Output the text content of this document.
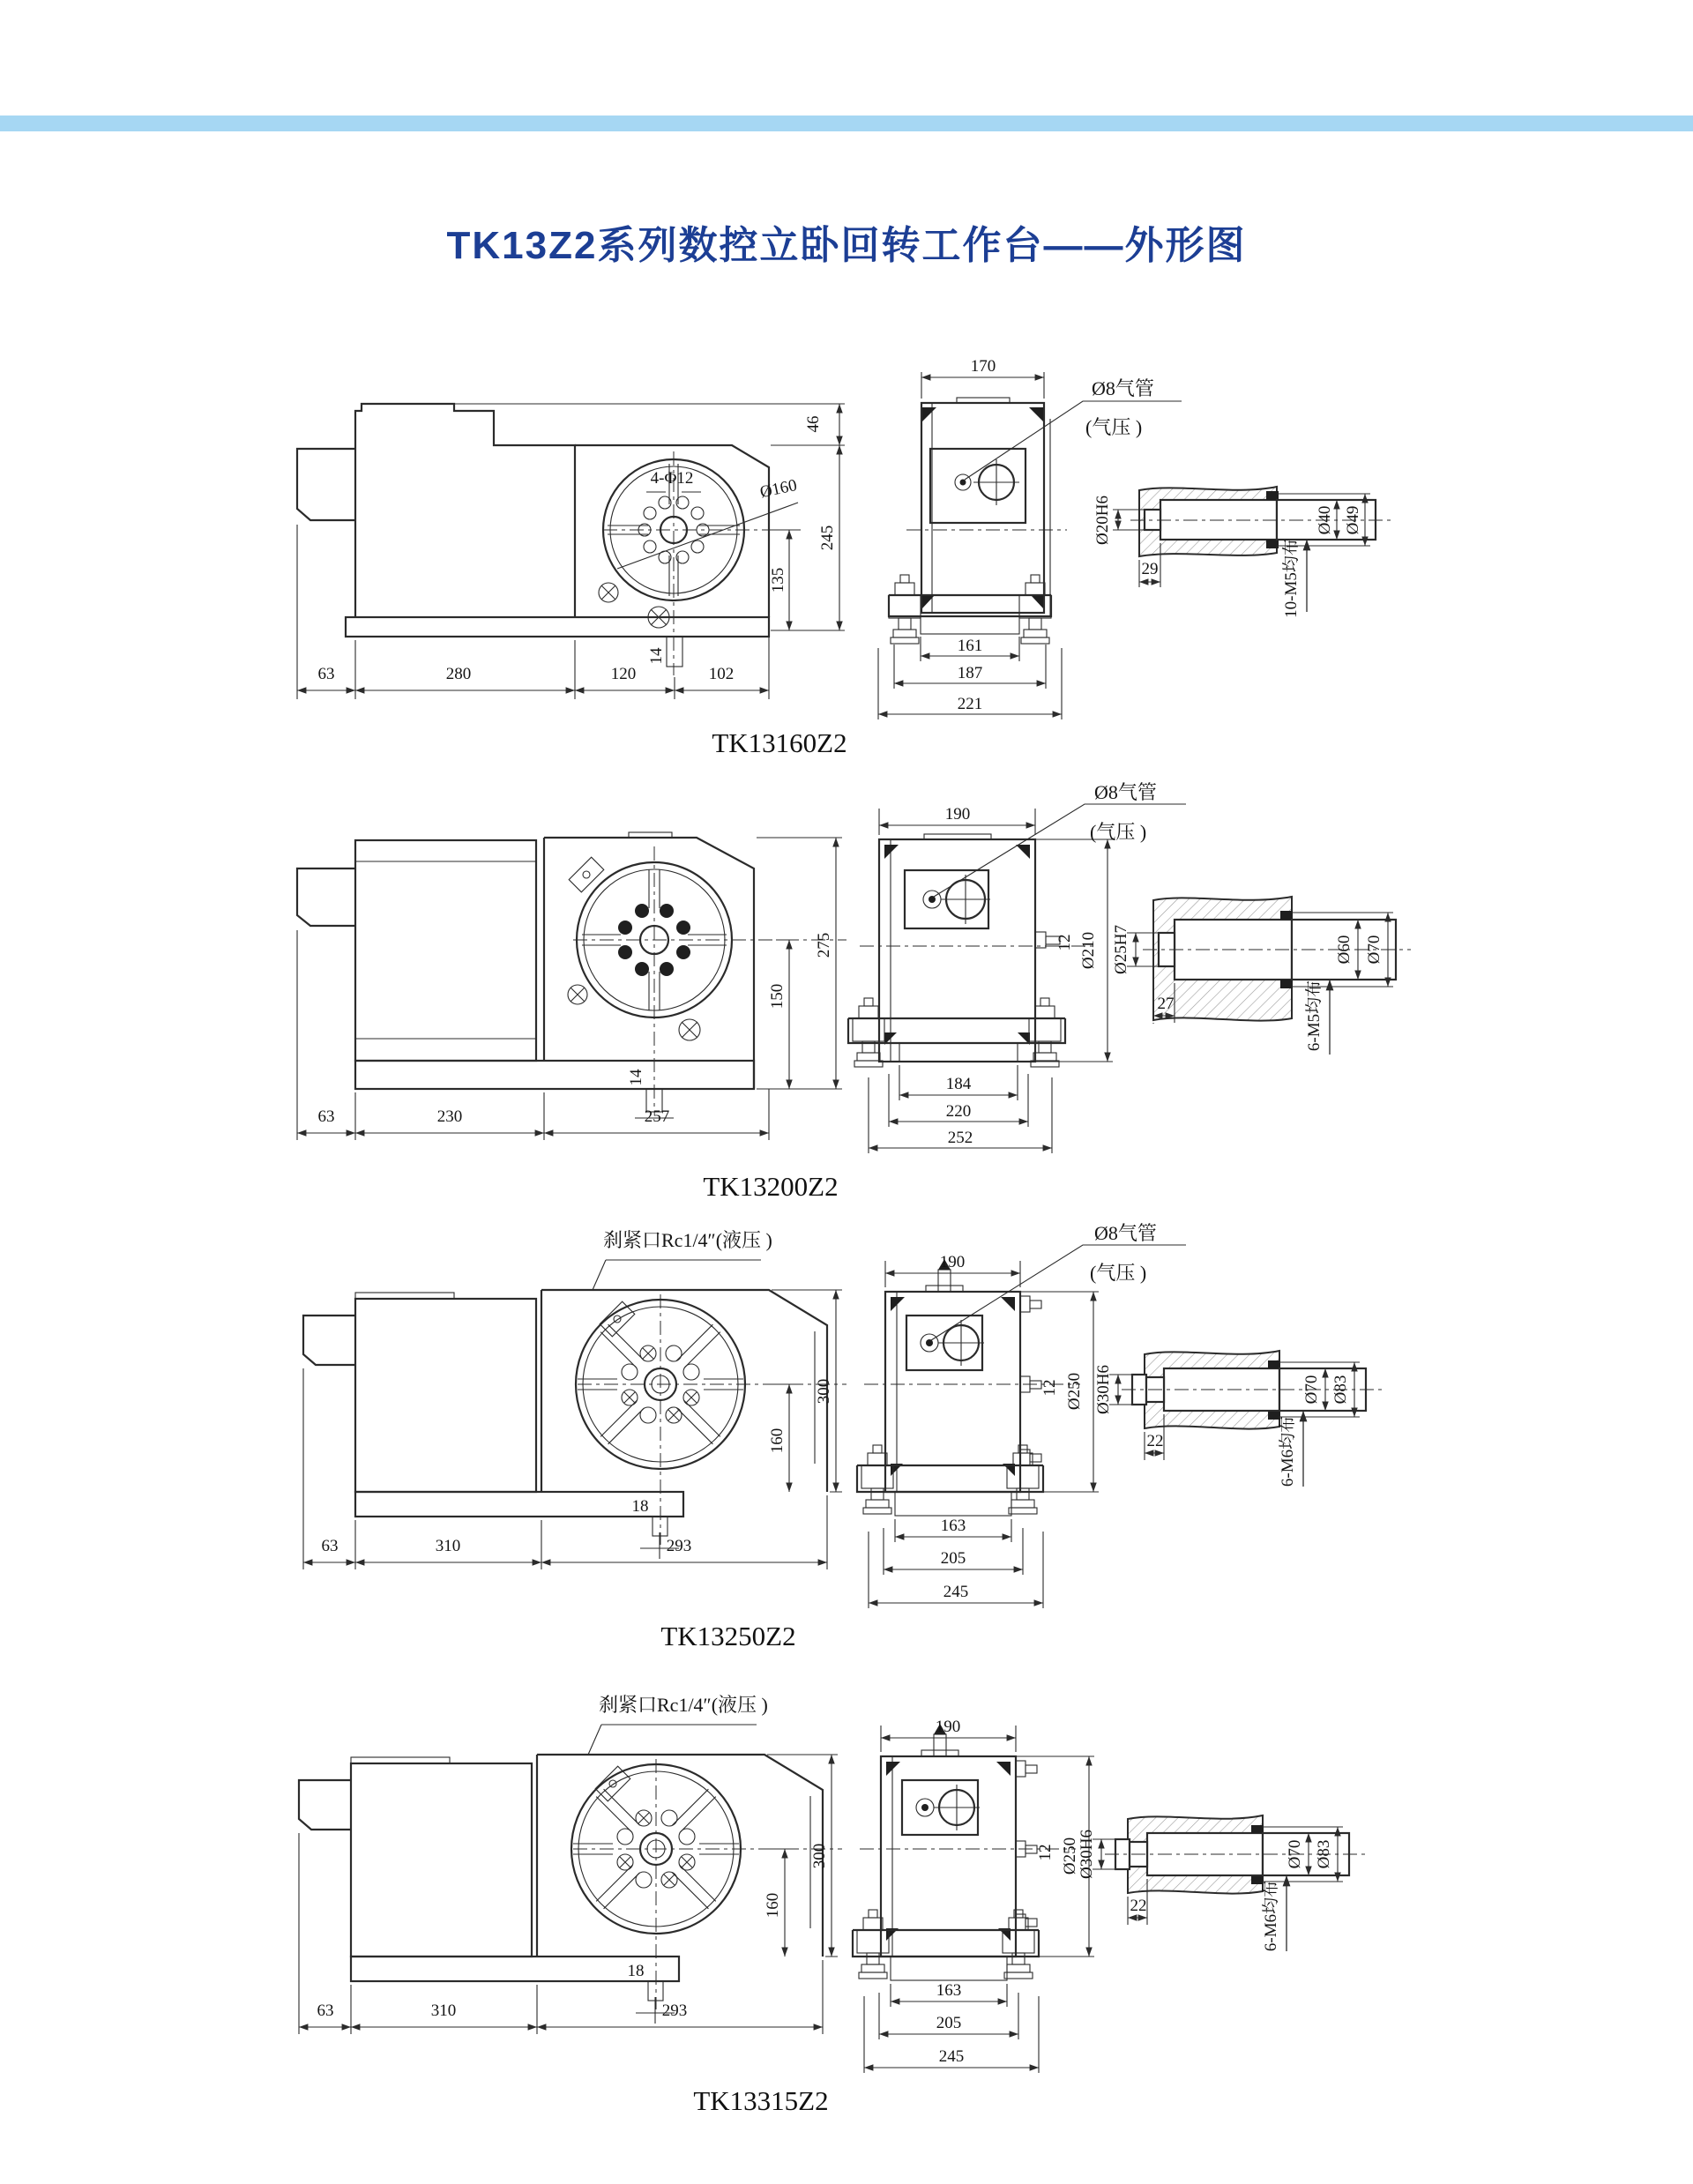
TK13Z2系列数控立卧回转工作台——外形图
46
245
135
4-Φ12	Ø160
14
63	280	120	102
170
Ø8气管
(气压 )
161
187
221
Ø20H6
29
Ø40 Ø49
10-M5均布
TK13160Z2
275
150
14
63	230	257
190
Ø8气管
(气压 )
12 Ø210
184
220
252
Ø25H7
27
Ø60 Ø70
6-M5均布
TK13200Z2
刹紧口Rc1/4″(液压 )
300
160
18
63	310	293
190
Ø8气管
(气压 )
12 Ø250
163
205
245
Ø30H6
22
Ø70 Ø83
6-M6均布
TK13250Z2
刹紧口Rc1/4″(液压 )
300
160
18
63	310	293
190
12 Ø250
163
205
245
Ø30H6
22
Ø70 Ø83
6-M6均布
TK13315Z2
